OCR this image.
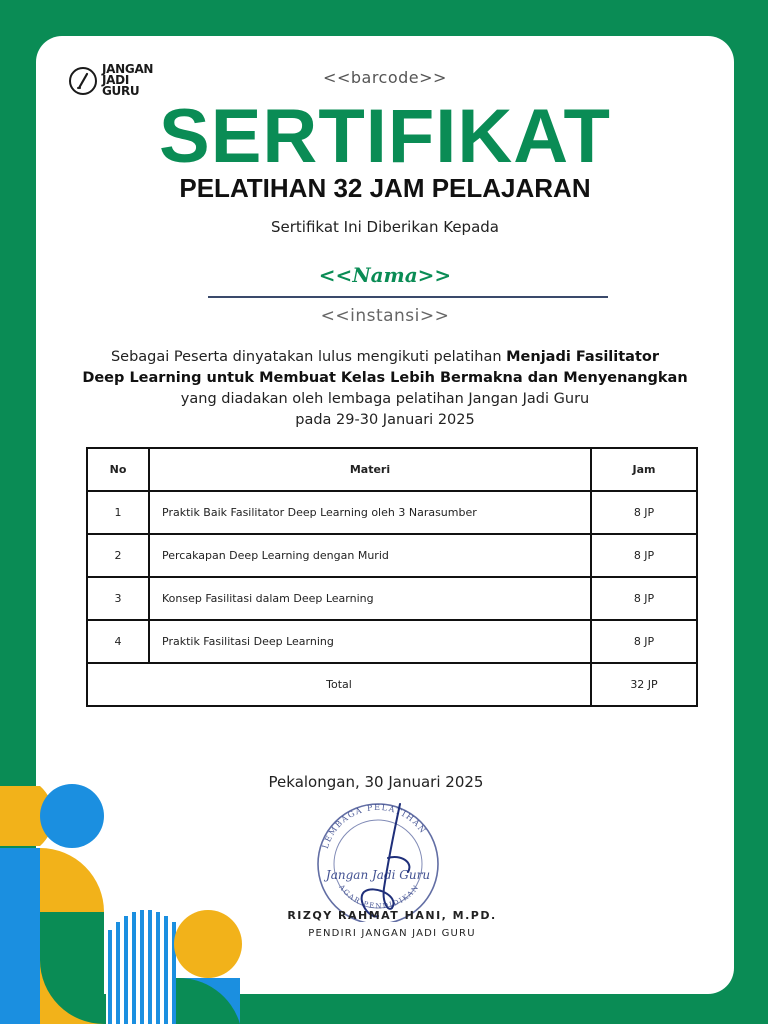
JANGAN
JADI
GURU
<<barcode>>
SERTIFIKAT
PELATIHAN 32 JAM PELAJARAN
Sertifikat Ini Diberikan Kepada
<<Nama>>
<<instansi>>
Sebagai Peserta dinyatakan lulus mengikuti pelatihan Menjadi Fasilitator
Deep Learning untuk Membuat Kelas Lebih Bermakna dan Menyenangkan
yang diadakan oleh lembaga pelatihan Jangan Jadi Guru
pada 29-30 Januari 2025
No	Materi	Jam
1	Praktik Baik Fasilitator Deep Learning oleh 3 Narasumber	8 JP
2	Percakapan Deep Learning dengan Murid	8 JP
3	Konsep Fasilitasi dalam Deep Learning	8 JP
4	Praktik Fasilitasi Deep Learning	8 JP
Total		32 JP
Pekalongan, 30 Januari 2025
LEMBAGA PELATIHAN
AGAR PENDIDIKAN
Jangan Jadi Guru
RIZQY RAHMAT HANI, M.PD.
PENDIRI JANGAN JADI GURU
